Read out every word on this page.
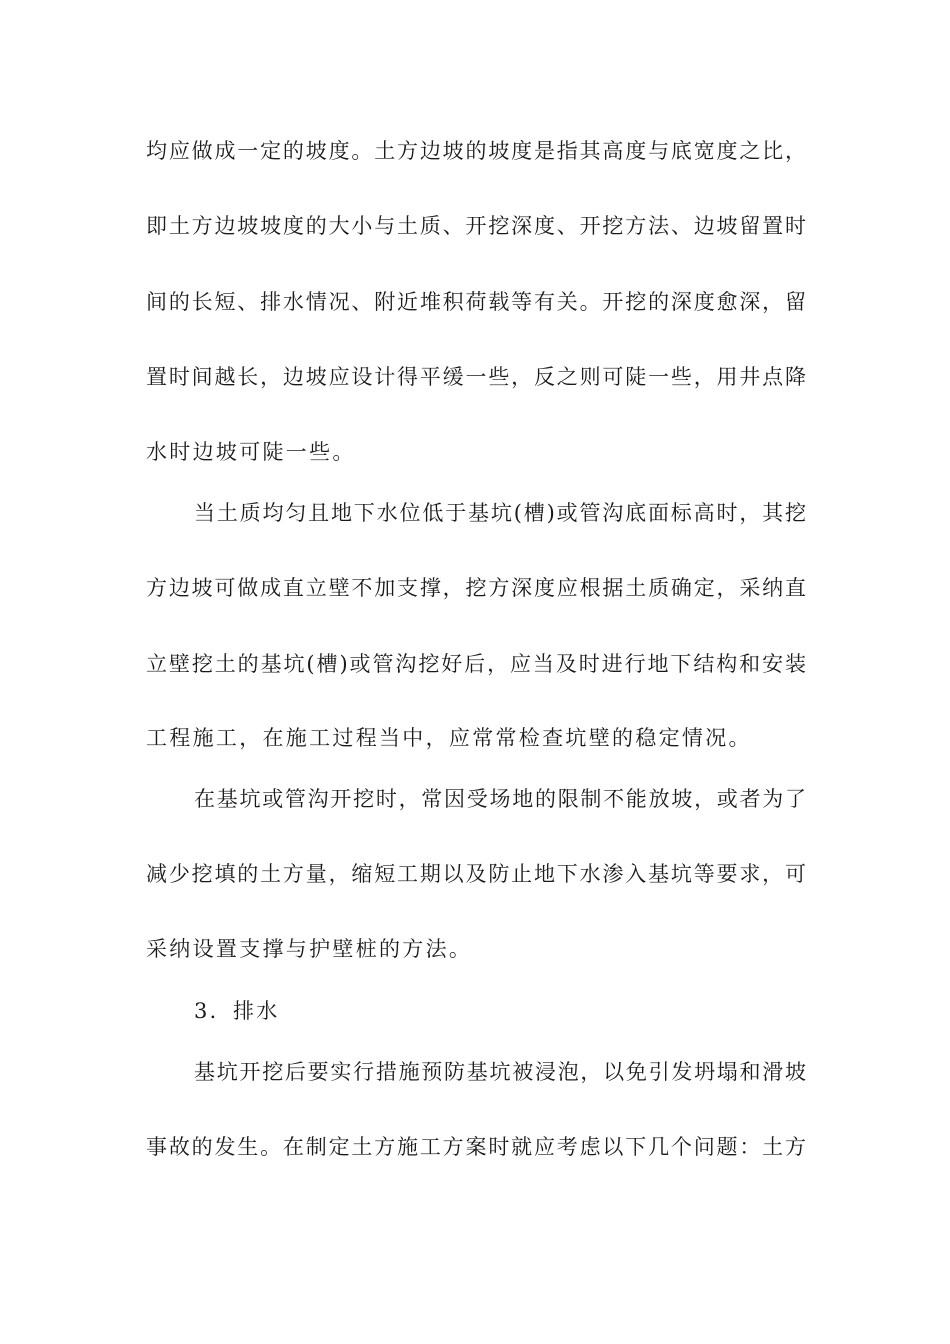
均应做成一定的坡度。土方边坡的坡度是指其高度与底宽度之比，
即土方边坡坡度的大小与土质、开挖深度、开挖方法、边坡留置时
间的长短、排水情况、附近堆积荷载等有关。开挖的深度愈深，留
置时间越长，边坡应设计得平缓一些，反之则可陡一些，用井点降
水时边坡可陡一些。
当土质均匀且地下水位低于基坑(槽)或管沟底面标高时，其挖
方边坡可做成直立壁不加支撑，挖方深度应根据土质确定，采纳直
立壁挖土的基坑(槽)或管沟挖好后，应当及时进行地下结构和安装
工程施工，在施工过程当中，应常常检查坑壁的稳定情况。
在基坑或管沟开挖时，常因受场地的限制不能放坡，或者为了
减少挖填的土方量，缩短工期以及防止地下水渗入基坑等要求，可
采纳设置支撑与护壁桩的方法。
3．排水
基坑开挖后要实行措施预防基坑被浸泡，以免引发坍塌和滑坡
事故的发生。在制定土方施工方案时就应考虑以下几个问题：土方
